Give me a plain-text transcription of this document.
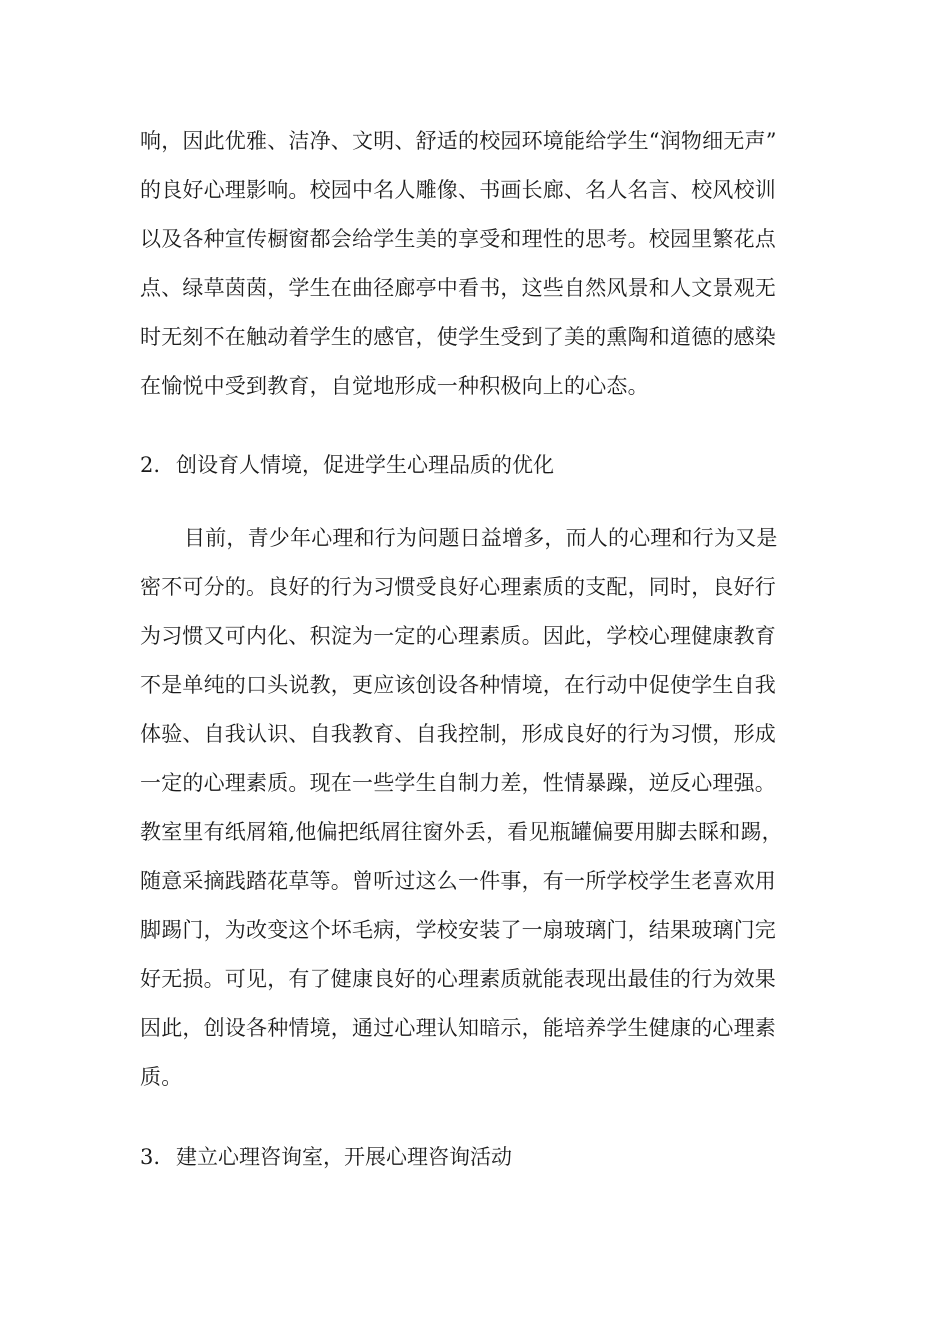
响，因此优雅、洁净、文明、舒适的校园环境能给学生“润物细无声”
的良好心理影响。校园中名人雕像、书画长廊、名人名言、校风校训
以及各种宣传橱窗都会给学生美的享受和理性的思考。校园里繁花点
点、绿草茵茵，学生在曲径廊亭中看书，这些自然风景和人文景观无
时无刻不在触动着学生的感官，使学生受到了美的熏陶和道德的感染
在愉悦中受到教育，自觉地形成一种积极向上的心态。
2. 创设育人情境，促进学生心理品质的优化
目前，青少年心理和行为问题日益增多，而人的心理和行为又是
密不可分的。良好的行为习惯受良好心理素质的支配，同时，良好行
为习惯又可内化、积淀为一定的心理素质。因此，学校心理健康教育
不是单纯的口头说教，更应该创设各种情境，在行动中促使学生自我
体验、自我认识、自我教育、自我控制，形成良好的行为习惯，形成
一定的心理素质。现在一些学生自制力差，性情暴躁，逆反心理强。
教室里有纸屑箱,他偏把纸屑往窗外丢，看见瓶罐偏要用脚去睬和踢，
随意采摘践踏花草等。曾听过这么一件事，有一所学校学生老喜欢用
脚踢门，为改变这个坏毛病，学校安装了一扇玻璃门，结果玻璃门完
好无损。可见，有了健康良好的心理素质就能表现出最佳的行为效果
因此，创设各种情境，通过心理认知暗示，能培养学生健康的心理素
质。
3. 建立心理咨询室，开展心理咨询活动
